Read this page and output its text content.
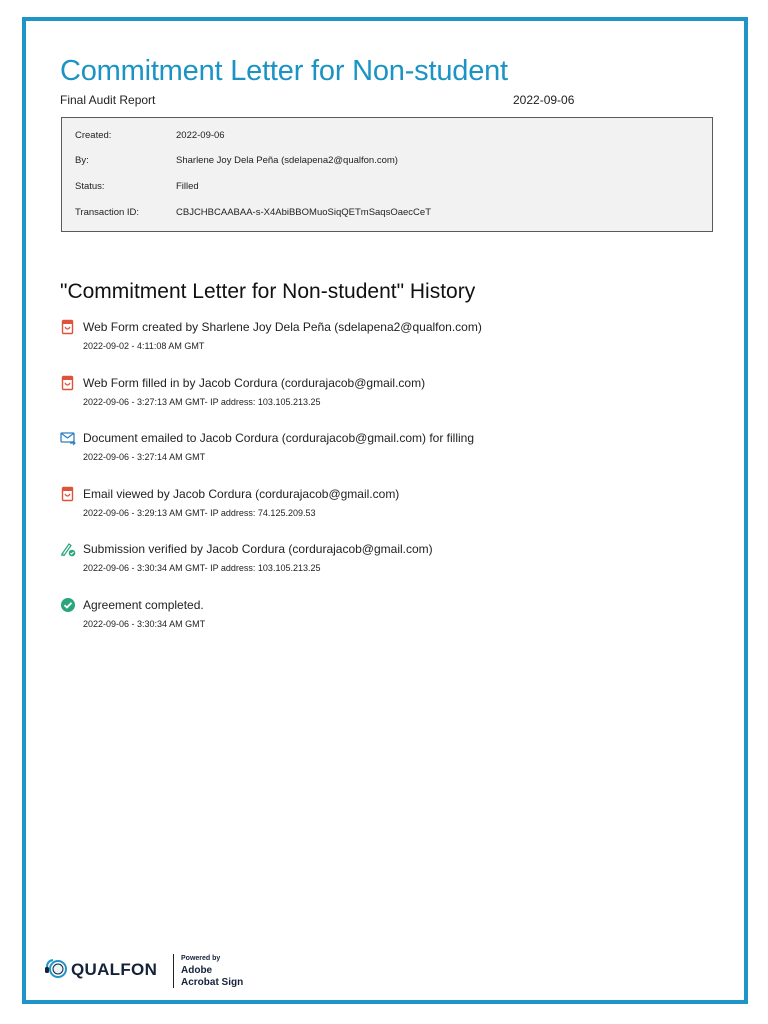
Commitment Letter for Non-student
Final Audit Report	2022-09-06
Created:	2022-09-06
By:	Sharlene Joy Dela Peña (sdelapena2@qualfon.com)
Status:	Filled
Transaction ID:	CBJCHBCAABAA-s-X4AbiBBOMuoSiqQETmSaqsOaecCeT
"Commitment Letter for Non-student" History
Web Form created by Sharlene Joy Dela Peña (sdelapena2@qualfon.com)
2022-09-02 - 4:11:08 AM GMT
Web Form filled in by Jacob Cordura (cordurajacob@gmail.com)
2022-09-06 - 3:27:13 AM GMT- IP address: 103.105.213.25
Document emailed to Jacob Cordura (cordurajacob@gmail.com) for filling
2022-09-06 - 3:27:14 AM GMT
Email viewed by Jacob Cordura (cordurajacob@gmail.com)
2022-09-06 - 3:29:13 AM GMT- IP address: 74.125.209.53
Submission verified by Jacob Cordura (cordurajacob@gmail.com)
2022-09-06 - 3:30:34 AM GMT- IP address: 103.105.213.25
Agreement completed.
2022-09-06 - 3:30:34 AM GMT
QUALFON
Powered by
Adobe
Acrobat Sign
